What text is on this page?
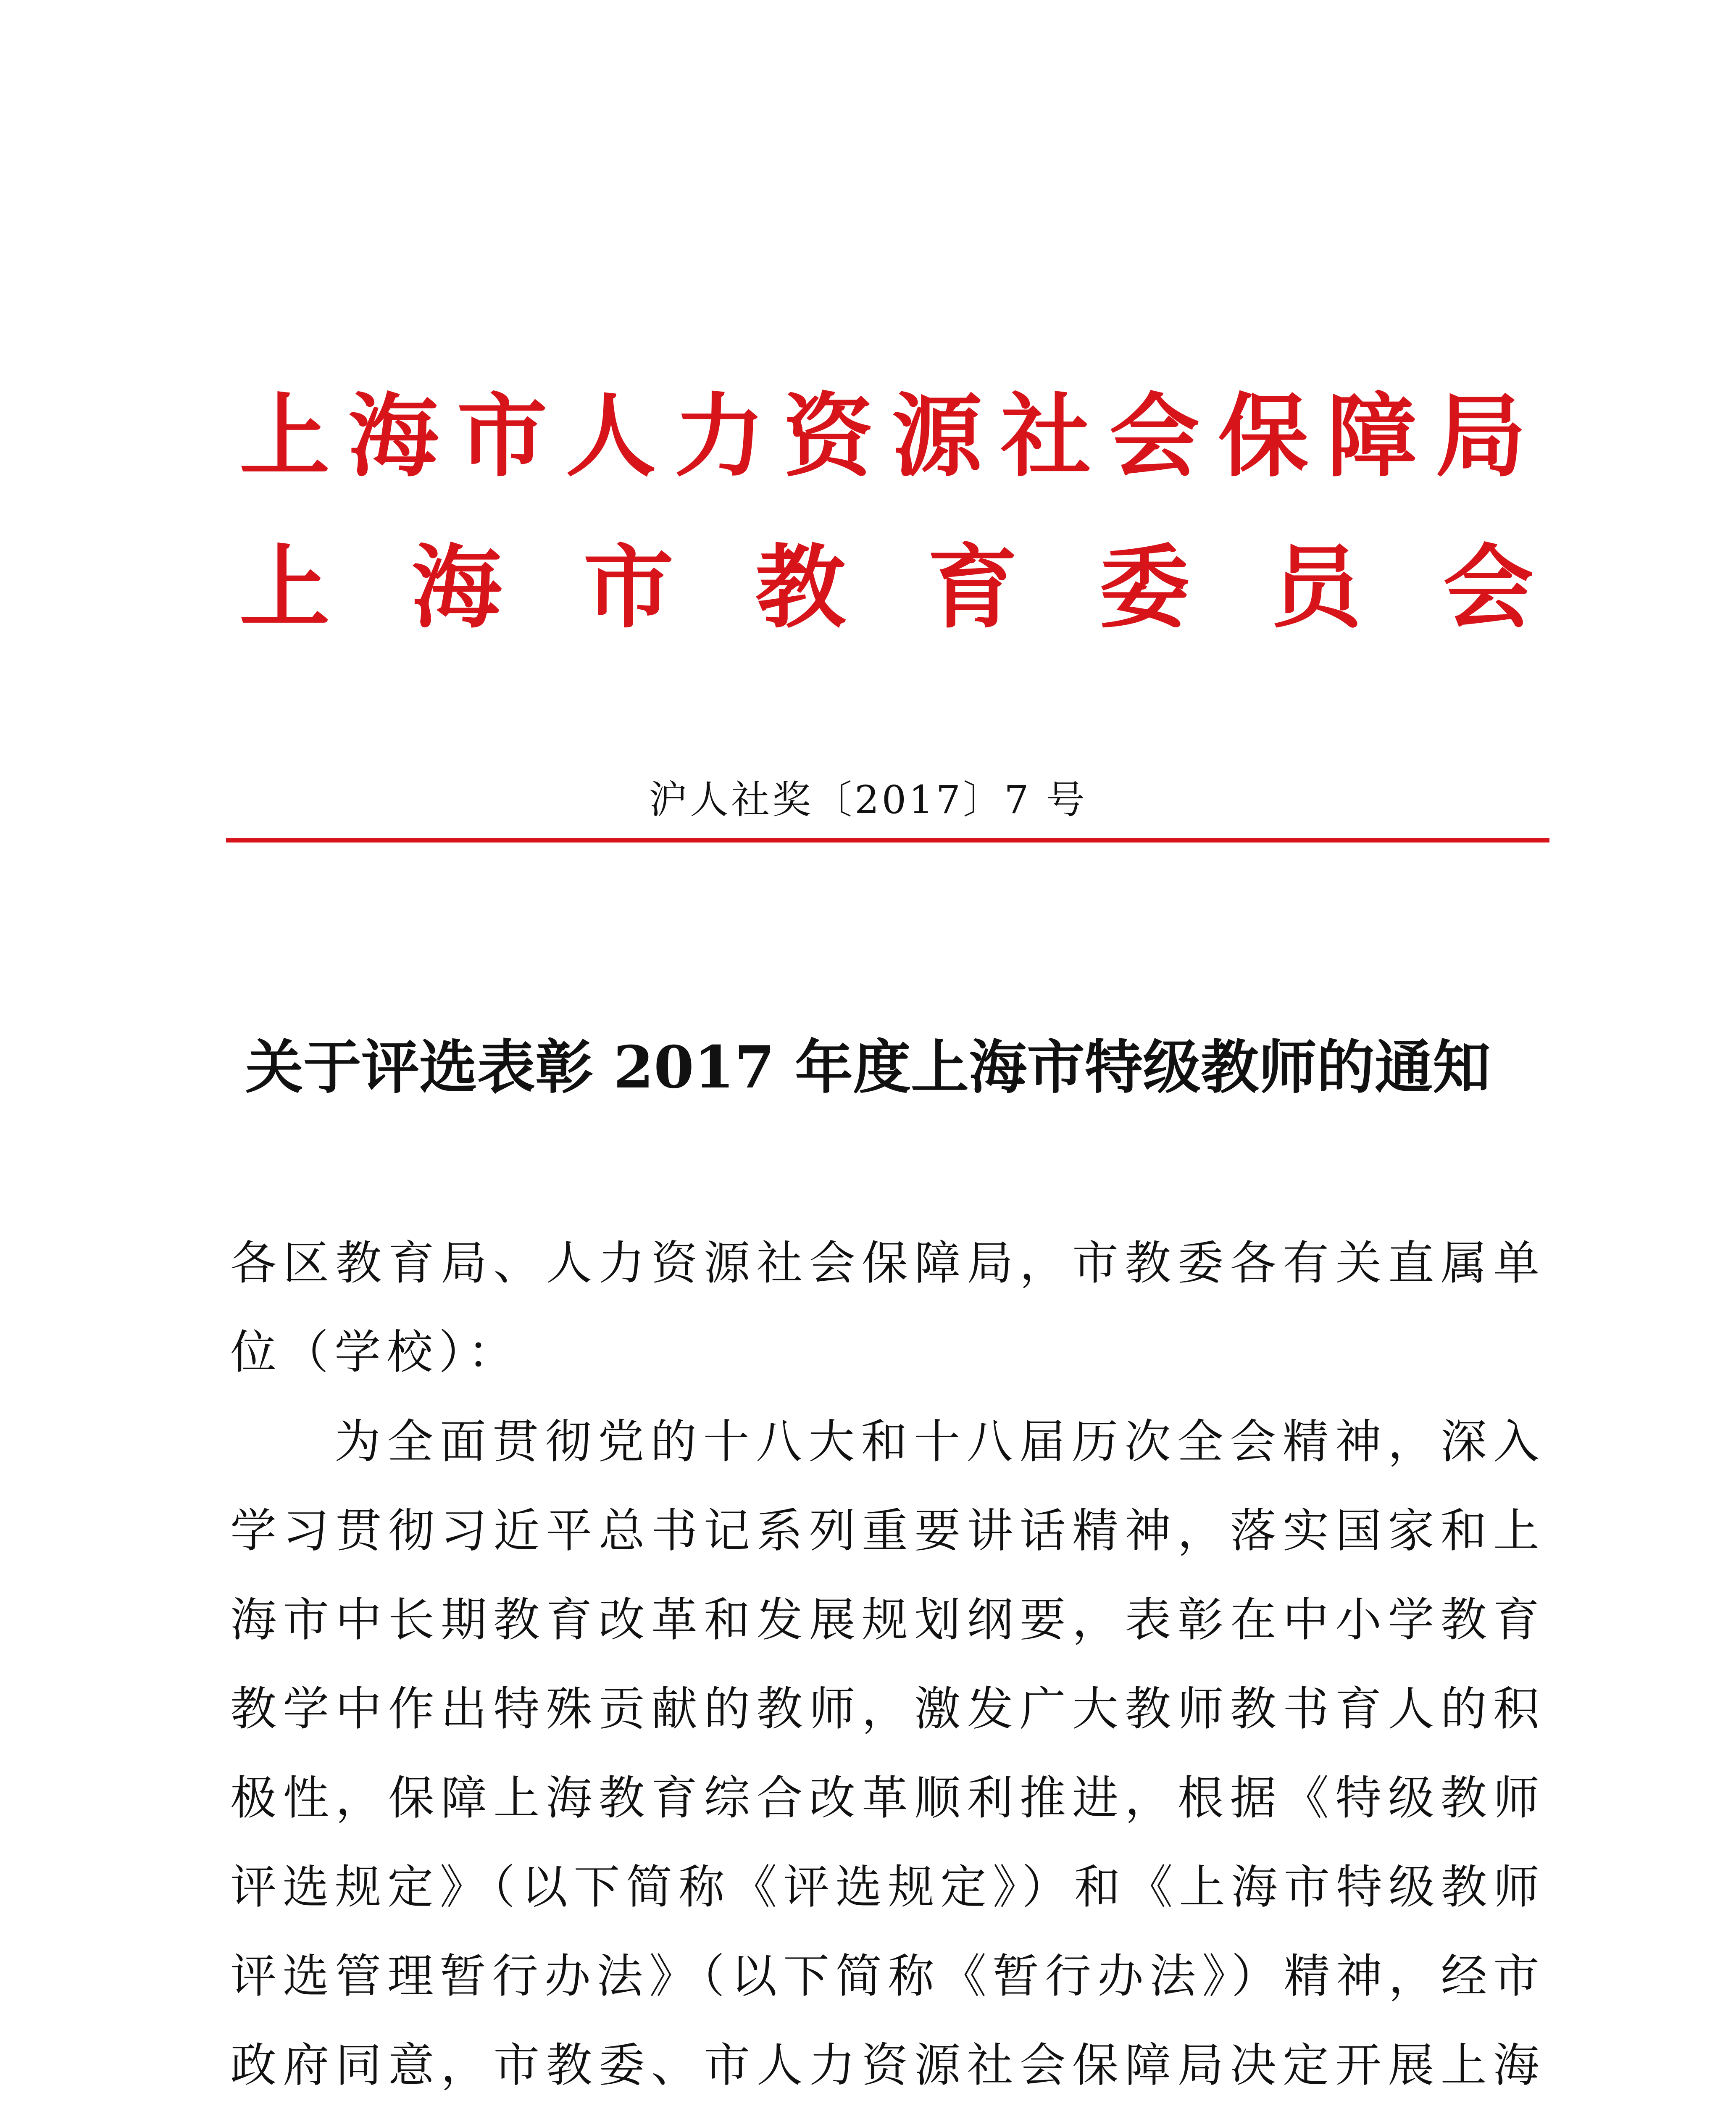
上 海 市 人 力 资 源 社 会 保 障 局
上 海 市 教 育 委 员 会
沪人社奖〔2017〕7 号
关于评选表彰 2017 年度上海市特级教师的通知
各区教育局、人力资源社会保障局，市教委各有关直属单位（学校）：
为全面贯彻党的十八大和十八届历次全会精神，深入学习贯彻习近平总书记系列重要讲话精神，落实国家和上海市中长期教育改革和发展规划纲要，表彰在中小学教育教学中作出特殊贡献的教师，激发广大教师教书育人的积极性，保障上海教育综合改革顺利推进，根据《特级教师评选规定》（以下简称《评选规定》）和《上海市特级教师评选管理暂行办法》（以下简称《暂行办法》）精神，经市政府同意，市教委、市人力资源社会保障局决定开展上海
